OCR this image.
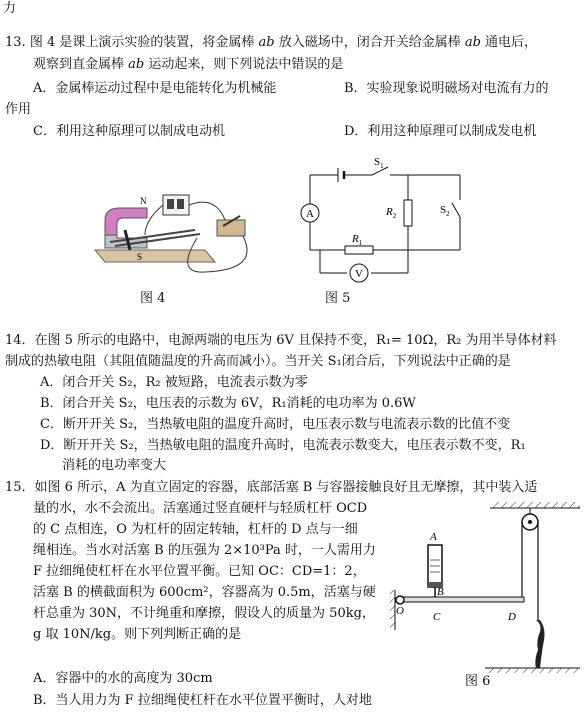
力
13. 图 4 是课上演示实验的装置，将金属棒 ab 放入磁场中，闭合开关给金属棒 ab 通电后，
观察到直金属棒 ab 运动起来，则下列说法中错误的是
A．金属棒运动过程中是电能转化为机械能	B．实验现象说明磁场对电流有力的
作用
C．利用这种原理可以制成电动机	D．利用这种原理可以制成发电机
N
S
图 4
A
V
$S_1$
$S_2$
$R_2$
$R_1$
图 5
14．在图 5 所示的电路中，电源两端的电压为 6V 且保持不变，R₁= 10Ω，R₂ 为用半导体材料
制成的热敏电阻（其阻值随温度的升高而减小）。当开关 S₁闭合后，下列说法中正确的是
A．闭合开关 S₂，R₂ 被短路，电流表示数为零
B．闭合开关 S₂，电压表的示数为 6V，R₁消耗的电功率为 0.6W
C．断开开关 S₂，当热敏电阻的温度升高时，电压表示数与电流表示数的比值不变
D．断开开关 S₂，当热敏电阻的温度升高时，电流表示数变大，电压表示数不变，R₁
消耗的电功率变大
15．如图 6 所示，A 为直立固定的容器，底部活塞 B 与容器接触良好且无摩擦，其中装入适
量的水，水不会流出。活塞通过竖直硬杆与轻质杠杆 OCD
的 C 点相连，O 为杠杆的固定转轴，杠杆的 D 点与一细
绳相连。当水对活塞 B 的压强为 2×10³Pa 时，一人需用力
F 拉细绳使杠杆在水平位置平衡。已知 OC：CD=1：2，
活塞 B 的横截面积为 600cm²，容器高为 0.5m，活塞与硬
杆总重为 30N，不计绳重和摩擦，假设人的质量为 50kg，
g 取 10N/kg。则下列判断正确的是
A．容器中的水的高度为 30cm
B．当人用力为 F 拉细绳使杠杆在水平位置平衡时，人对地
A
B
C	D
O
图 6
